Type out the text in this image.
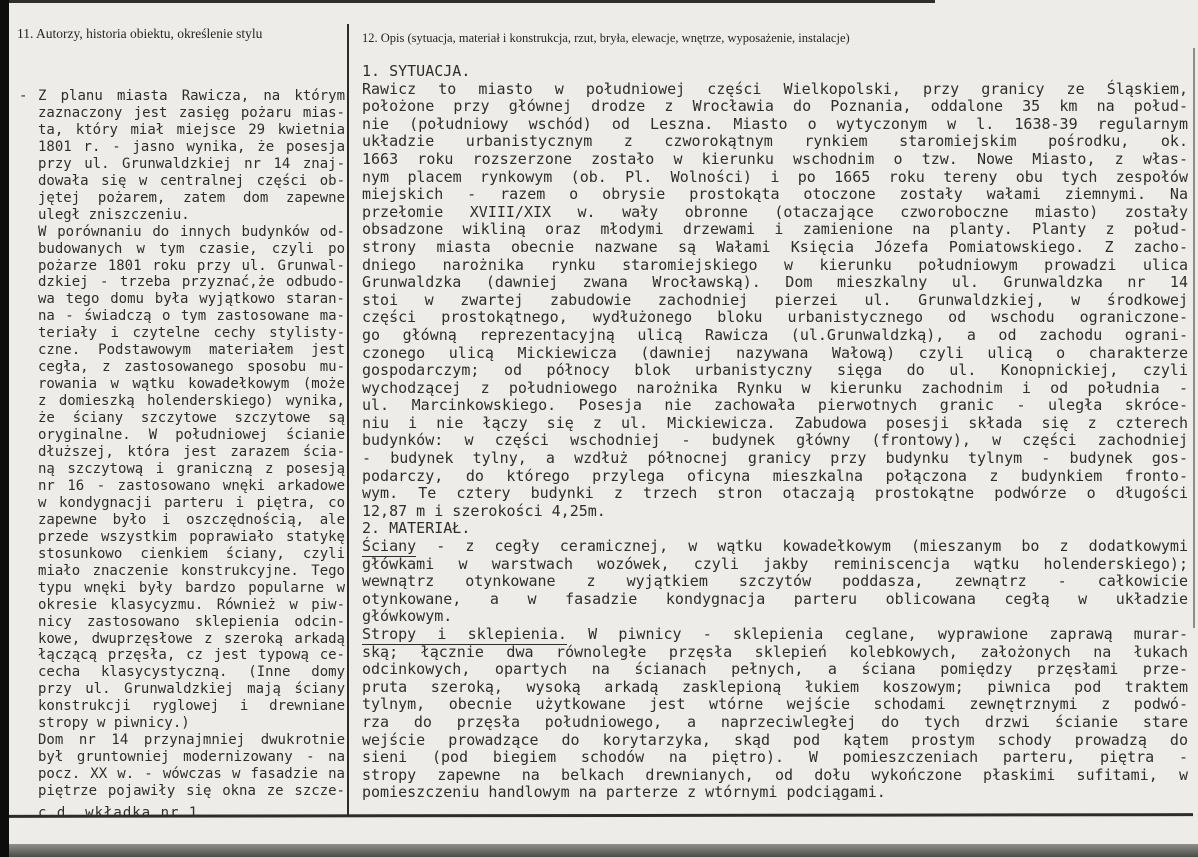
11. Autorzy, historia obiektu, określenie stylu	12. Opis (sytuacja, materiał i konstrukcja, rzut, bryła, elewacje, wnętrze, wyposażenie, instalacje)
- Z planu miasta Rawicza, na którym
zaznaczony jest zasięg pożaru mias-
ta, który miał miejsce 29 kwietnia
1801 r. - jasno wynika, że posesja
przy ul. Grunwaldzkiej nr 14 znaj-
dowała się w centralnej części ob-
jętej pożarem, zatem dom zapewne
uległ zniszczeniu.
W porównaniu do innych budynków od-
budowanych w tym czasie, czyli po
pożarze 1801 roku przy ul. Grunwal-
dzkiej - trzeba przyznać,że odbudo-
wa tego domu była wyjątkowo staran-
na - świadczą o tym zastosowane ma-
teriały i czytelne cechy stylisty-
czne. Podstawowym materiałem jest
cegła, z zastosowanego sposobu mu-
rowania w wątku kowadełkowym (może
z domieszką holenderskiego) wynika,
że ściany szczytowe szczytowe są
oryginalne. W południowej ścianie
dłuższej, która jest zarazem ścia-
ną szczytową i graniczną z posesją
nr 16 - zastosowano wnęki arkadowe
w kondygnacji parteru i piętra, co
zapewne było i oszczędnością, ale
przede wszystkim poprawiało statykę
stosunkowo cienkiem ściany, czyli
miało znaczenie konstrukcyjne. Tego
typu wnęki były bardzo popularne w
okresie klasycyzmu. Również w piw-
nicy zastosowano sklepienia odcin-
kowe, dwuprzęsłowe z szeroką arkadą
łączącą przęsła, cz jest typową ce-
cecha klasycystyczną. (Inne domy
przy ul. Grunwaldzkiej mają ściany
konstrukcji ryglowej i drewniane
stropy w piwnicy.)
Dom nr 14 przynajmniej dwukrotnie
był gruntowniej modernizowany - na
pocz. XX w. - wówczas w fasadzie na
piętrze pojawiły się okna ze szcze-
1. SYTUACJA.
Rawicz to miasto w południowej części Wielkopolski, przy granicy ze Śląskiem,
położone przy głównej drodze z Wrocławia do Poznania, oddalone 35 km na połud-
nie (południowy wschód) od Leszna. Miasto o wytyczonym w l. 1638-39 regularnym
układzie urbanistycznym z czworokątnym rynkiem staromiejskim pośrodku, ok.
1663 roku rozszerzone zostało w kierunku wschodnim o tzw. Nowe Miasto, z włas-
nym placem rynkowym (ob. Pl. Wolności) i po 1665 roku tereny obu tych zespołów
miejskich - razem o obrysie prostokąta otoczone zostały wałami ziemnymi. Na
przełomie XVIII/XIX w. wały obronne (otaczające czworoboczne miasto) zostały
obsadzone wikliną oraz młodymi drzewami i zamienione na planty. Planty z połud-
strony miasta obecnie nazwane są Wałami Księcia Józefa Pomiatowskiego. Z zacho-
dniego narożnika rynku staromiejskiego w kierunku południowym prowadzi ulica
Grunwaldzka (dawniej zwana Wrocławską). Dom mieszkalny ul. Grunwaldzka nr 14
stoi w zwartej zabudowie zachodniej pierzei ul. Grunwaldzkiej, w środkowej
części prostokątnego, wydłużonego bloku urbanistycznego od wschodu ograniczone-
go główną reprezentacyjną ulicą Rawicza (ul.Grunwaldzką), a od zachodu ograni-
czonego ulicą Mickiewicza (dawniej nazywana Wałową) czyli ulicą o charakterze
gospodarczym; od północy blok urbanistyczny sięga do ul. Konopnickiej, czyli
wychodzącej z południowego narożnika Rynku w kierunku zachodnim i od południa -
ul. Marcinkowskiego. Posesja nie zachowała pierwotnych granic - uległa skróce-
niu i nie łączy się z ul. Mickiewicza. Zabudowa posesji składa się z czterech
budynków: w części wschodniej - budynek główny (frontowy), w części zachodniej
- budynek tylny, a wzdłuż północnej granicy przy budynku tylnym - budynek gos-
podarczy, do którego przylega oficyna mieszkalna połączona z budynkiem fronto-
wym. Te cztery budynki z trzech stron otaczają prostokątne podwórze o długości
12,87 m i szerokości 4,25m.
2. MATERIAŁ.
Ściany - z cegły ceramicznej, w wątku kowadełkowym (mieszanym bo z dodatkowymi
główkami w warstwach wozówek, czyli jakby reminiscencja wątku holenderskiego);
wewnątrz otynkowane z wyjątkiem szczytów poddasza, zewnątrz - całkowicie
otynkowane, a w fasadzie kondygnacja parteru oblicowana cegłą w układzie
główkowym.
Stropy i sklepienia. W piwnicy - sklepienia ceglane, wyprawione zaprawą murar-
ską; łącznie dwa równoległe przęsła sklepień kolebkowych, założonych na łukach
odcinkowych, opartych na ścianach pełnych, a ściana pomiędzy przęsłami prze-
pruta szeroką, wysoką arkadą zasklepioną łukiem koszowym; piwnica pod traktem
tylnym, obecnie użytkowane jest wtórne wejście schodami zewnętrznymi z podwó-
rza do przęsła południowego, a naprzeciwległej do tych drzwi ścianie stare
wejście prowadzące do korytarzyka, skąd pod kątem prostym schody prowadzą do
sieni (pod biegiem schodów na piętro). W pomieszczeniach parteru, piętra -
stropy zapewne na belkach drewnianych, od dołu wykończone płaskimi sufitami, w
pomieszczeniu handlowym na parterze z wtórnymi podciągami.
c.d. wkładka nr 1
